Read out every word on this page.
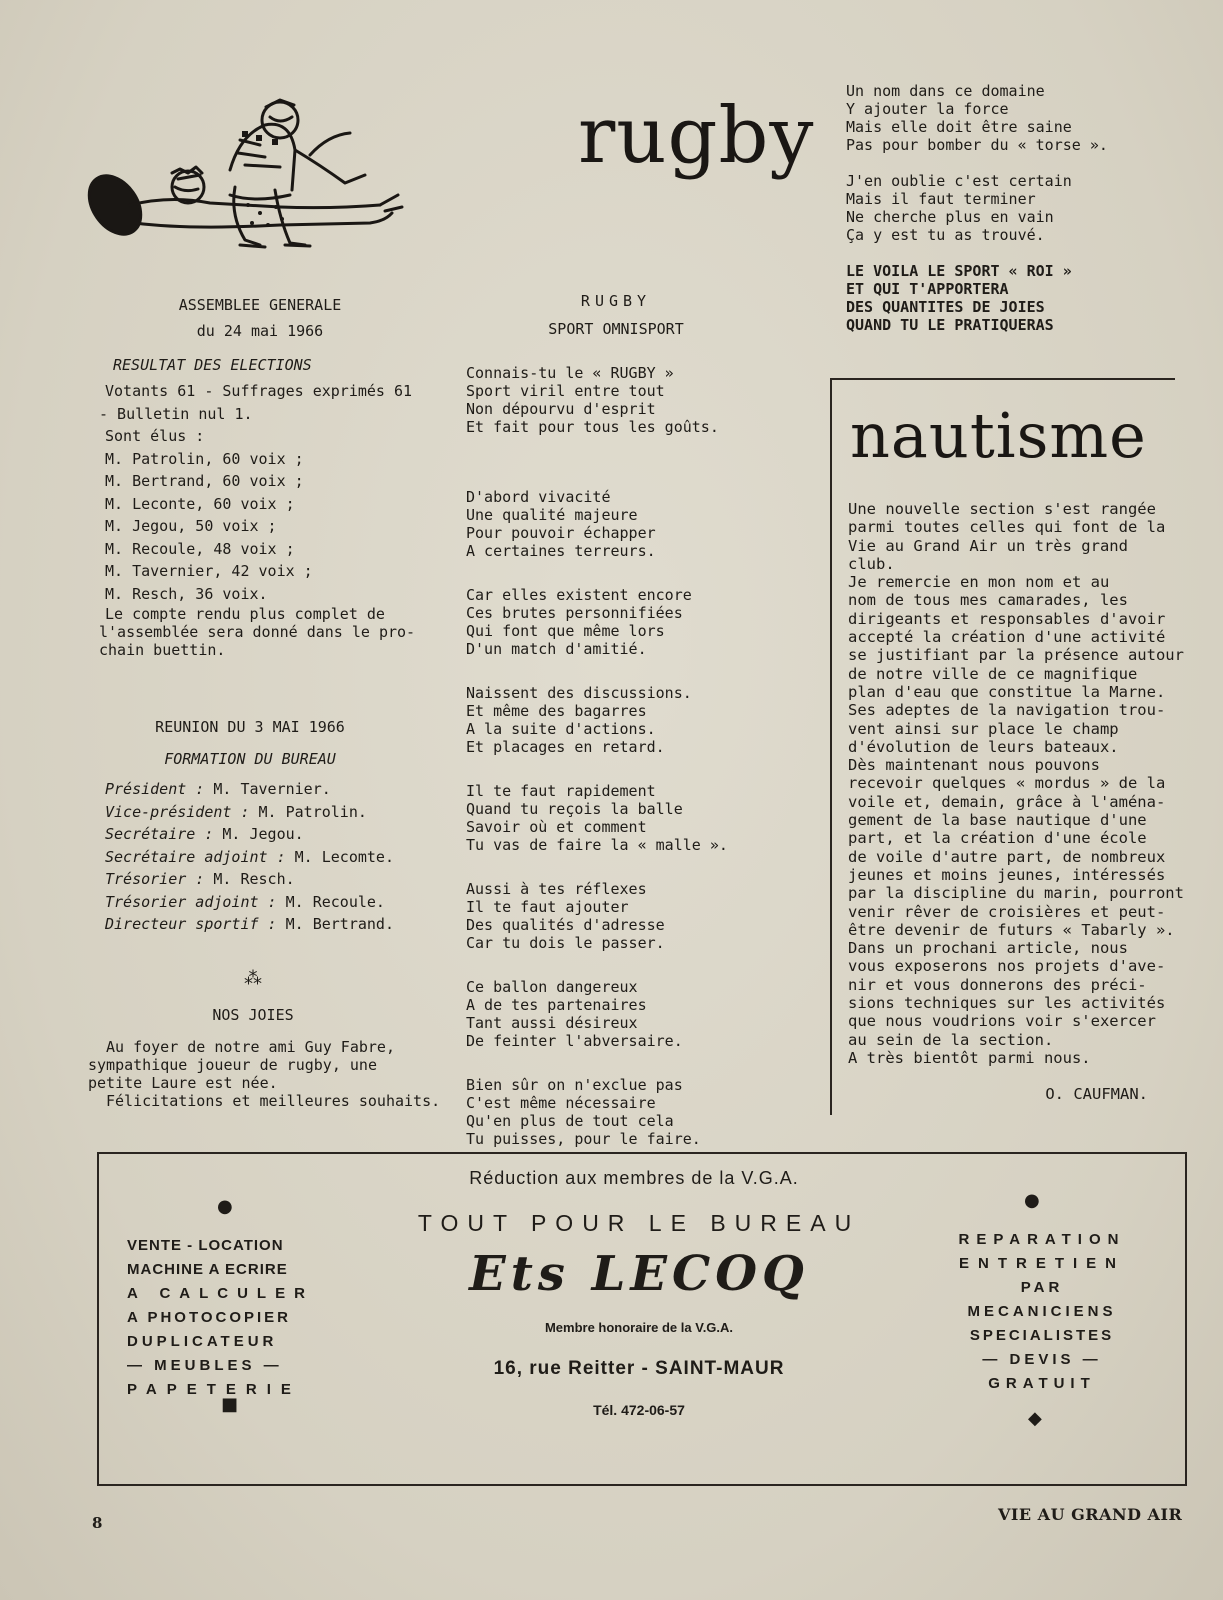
rugby Un nom dans ce domaine
Y ajouter la force
Mais elle doit être saine
Pas pour bomber du « torse ».
J'en oublie c'est certain
Mais il faut terminer
Ne cherche plus en vain
Ça y est tu as trouvé.
LE VOILA LE SPORT « ROI »
ET QUI T'APPORTERA
DES QUANTITES DE JOIES
QUAND TU LE PRATIQUERAS
ASSEMBLEE GENERALE
du 24 mai 1966
RESULTAT DES ELECTIONS
Votants 61 - Suffrages exprimés 61
- Bulletin nul 1.
Sont élus :
M. Patrolin, 60 voix ;
M. Bertrand, 60 voix ;
M. Leconte, 60 voix ;
M. Jegou, 50 voix ;
M. Recoule, 48 voix ;
M. Tavernier, 42 voix ;
M. Resch, 36 voix.
Le compte rendu plus complet de
l'assemblée sera donné dans le pro-
chain buettin.
REUNION DU 3 MAI 1966
FORMATION DU BUREAU
Président : M. Tavernier.
Vice-président : M. Patrolin.
Secrétaire : M. Jegou.
Secrétaire adjoint : M. Lecomte.
Trésorier : M. Resch.
Trésorier adjoint : M. Recoule.
Directeur sportif : M. Bertrand.
⁂
NOS JOIES
Au foyer de notre ami Guy Fabre,
sympathique joueur de rugby, une
petite Laure est née.
Félicitations et meilleures souhaits.
RUGBY
SPORT OMNISPORT

Connais-tu le « RUGBY »
Sport viril entre tout
Non dépourvu d'esprit
Et fait pour tous les goûts.

D'abord vivacité
Une qualité majeure
Pour pouvoir échapper
A certaines terreurs.
Car elles existent encore
Ces brutes personnifiées
Qui font que même lors
D'un match d'amitié.
Naissent des discussions.
Et même des bagarres
A la suite d'actions.
Et placages en retard.
Il te faut rapidement
Quand tu reçois la balle
Savoir où et comment
Tu vas de faire la « malle ».
Aussi à tes réflexes
Il te faut ajouter
Des qualités d'adresse
Car tu dois le passer.
Ce ballon dangereux
A de tes partenaires
Tant aussi désireux
De feinter l'abversaire.
Bien sûr on n'exclue pas
C'est même nécessaire
Qu'en plus de tout cela
Tu puisses, pour le faire.
nautisme
Une nouvelle section s'est rangée
parmi toutes celles qui font de la
Vie au Grand Air un très grand
club.
Je remercie en mon nom et au
nom de tous mes camarades, les
dirigeants et responsables d'avoir
accepté la création d'une activité
se justifiant par la présence autour
de notre ville de ce magnifique
plan d'eau que constitue la Marne.
Ses adeptes de la navigation trou-
vent ainsi sur place le champ
d'évolution de leurs bateaux.
Dès maintenant nous pouvons
recevoir quelques « mordus » de la
voile et, demain, grâce à l'aména-
gement de la base nautique d'une
part, et la création d'une école
de voile d'autre part, de nombreux
jeunes et moins jeunes, intéressés
par la discipline du marin, pourront
venir rêver de croisières et peut-
être devenir de futurs « Tabarly ».
Dans un prochani article, nous
vous exposerons nos projets d'ave-
nir et vous donnerons des préci-
sions techniques sur les activités
que nous voudrions voir s'exercer
au sein de la section.
A très bientôt parmi nous.
O. CAUFMAN.
●	●
VENTE - LOCATION
MACHINE A ECRIRE
A CALCULER
A PHOTOCOPIER
DUPLICATEUR
— MEUBLES —
PAPETERIE
■
Réduction aux membres de la V.G.A.
TOUT POUR LE BUREAU
Ets LECOQ
Membre honoraire de la V.G.A.
16, rue Reitter - SAINT-MAUR
Tél. 472-06-57
REPARATION
ENTRETIEN
PAR
MECANICIENS
SPECIALISTES
— DEVIS —
GRATUIT
◆
8	VIE AU GRAND AIR
